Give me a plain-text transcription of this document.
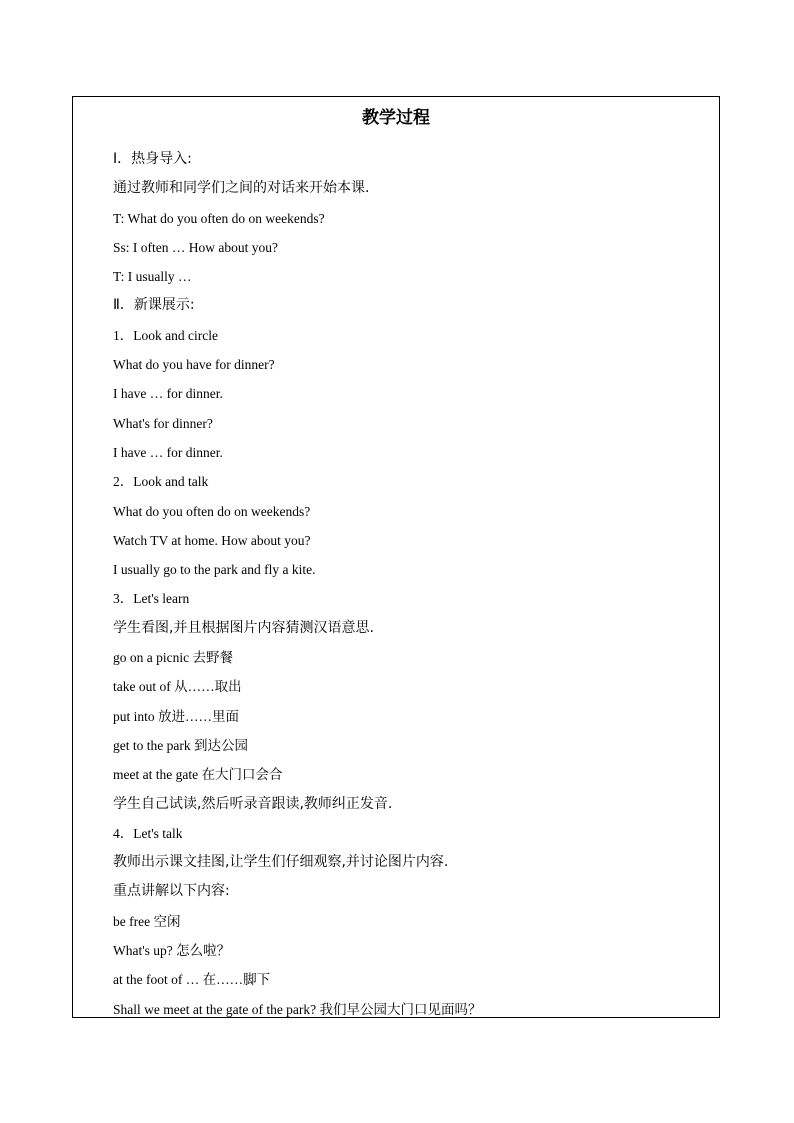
教学过程
Ⅰ．热身导入:
通过教师和同学们之间的对话来开始本课.
T: What do you often do on weekends?
Ss: I often … How about you?
T: I usually …
Ⅱ．新课展示:
1．Look and circle
What do you have for dinner?
I have … for dinner.
What's for dinner?
I have … for dinner.
2．Look and talk
What do you often do on weekends?
Watch TV at home. How about you?
I usually go to the park and fly a kite.
3．Let's learn
学生看图,并且根据图片内容猜测汉语意思.
go on a picnic 去野餐
take out of 从……取出
put into 放进……里面
get to the park 到达公园
meet at the gate 在大门口会合
学生自己试读,然后听录音跟读,教师纠正发音.
4．Let's talk
教师出示课文挂图,让学生们仔细观察,并讨论图片内容.
重点讲解以下内容:
be free 空闲
What's up? 怎么啦？
at the foot of … 在……脚下
Shall we meet at the gate of the park? 我们早公园大门口见面吗？
